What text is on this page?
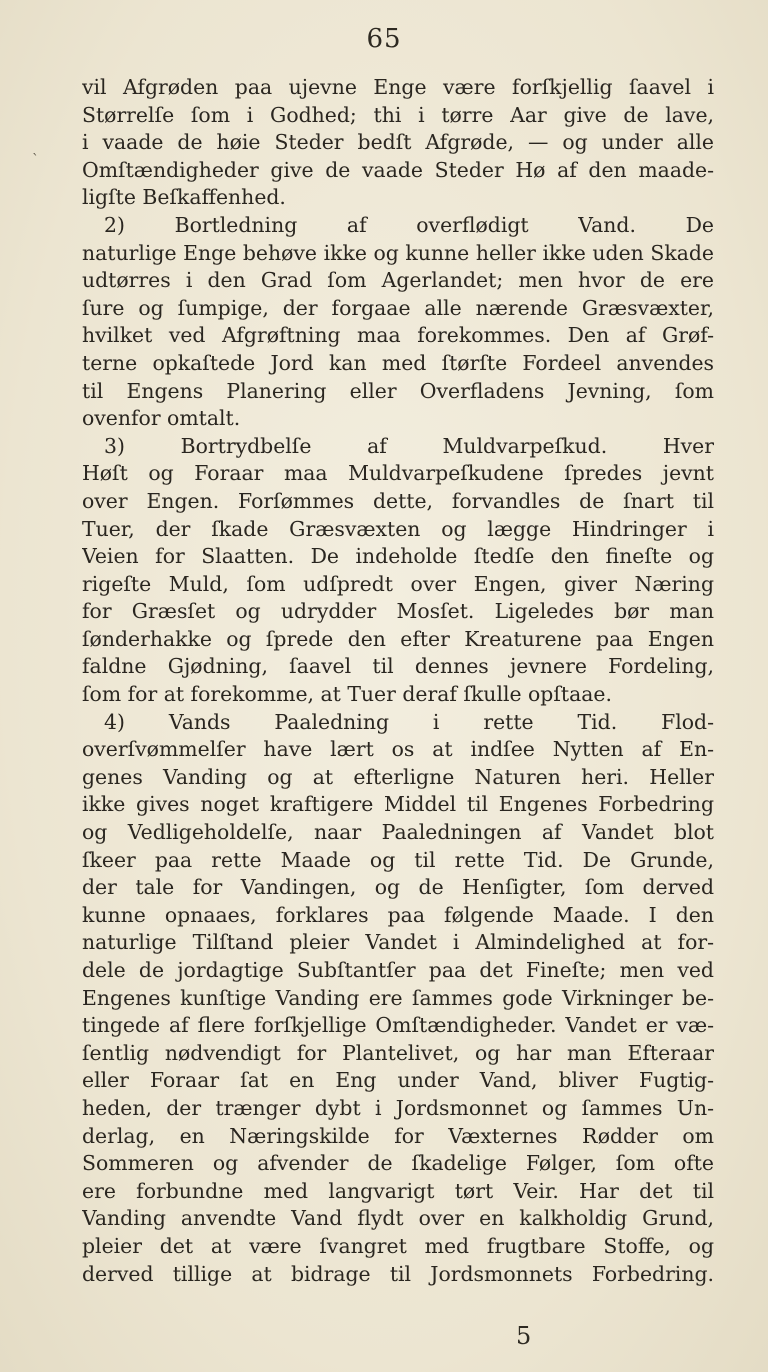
65
`
vil Afgrøden paa ujevne Enge være forſkjellig ſaavel i
Størrelſe ſom i Godhed; thi i tørre Aar give de lave,
i vaade de høie Steder bedſt Afgrøde, — og under alle
Omſtændigheder give de vaade Steder Hø af den maade-
ligſte Beſkaffenhed.
2) Bortledning af overflødigt Vand. De
naturlige Enge behøve ikke og kunne heller ikke uden Skade
udtørres i den Grad ſom Agerlandet; men hvor de ere
ſure og ſumpige, der forgaae alle nærende Græsvæxter,
hvilket ved Afgrøftning maa forekommes. Den af Grøf-
terne opkaſtede Jord kan med ſtørſte Fordeel anvendes
til Engens Planering eller Overfladens Jevning, ſom
ovenfor omtalt.
3) Bortrydbelſe af Muldvarpeſkud. Hver
Høſt og Foraar maa Muldvarpeſkudene ſpredes jevnt
over Engen. Forſømmes dette, forvandles de ſnart til
Tuer, der ſkade Græsvæxten og lægge Hindringer i
Veien for Slaatten. De indeholde ſtedſe den fineſte og
rigeſte Muld, ſom udſpredt over Engen, giver Næring
for Græsſet og udrydder Mosſet. Ligeledes bør man
ſønderhakke og ſprede den efter Kreaturene paa Engen
faldne Gjødning, ſaavel til dennes jevnere Fordeling,
ſom for at forekomme, at Tuer deraf ſkulle opſtaae.
4) Vands Paaledning i rette Tid. Flod-
overſvømmelſer have lært os at indſee Nytten af En-
genes Vanding og at efterligne Naturen heri. Heller
ikke gives noget kraftigere Middel til Engenes Forbedring
og Vedligeholdelſe, naar Paaledningen af Vandet blot
ſkeer paa rette Maade og til rette Tid. De Grunde,
der tale for Vandingen, og de Henſigter, ſom derved
kunne opnaaes, forklares paa følgende Maade. I den
naturlige Tilſtand pleier Vandet i Almindelighed at for-
dele de jordagtige Subſtantſer paa det Fineſte; men ved
Engenes kunſtige Vanding ere ſammes gode Virkninger be-
tingede af flere forſkjellige Omſtændigheder. Vandet er væ-
ſentlig nødvendigt for Plantelivet, og har man Efteraar
eller Foraar ſat en Eng under Vand, bliver Fugtig-
heden, der trænger dybt i Jordsmonnet og ſammes Un-
derlag, en Næringskilde for Væxternes Rødder om
Sommeren og afvender de ſkadelige Følger, ſom ofte
ere forbundne med langvarigt tørt Veir. Har det til
Vanding anvendte Vand flydt over en kalkholdig Grund,
pleier det at være ſvangret med frugtbare Stoffe, og
derved tillige at bidrage til Jordsmonnets Forbedring.
5
